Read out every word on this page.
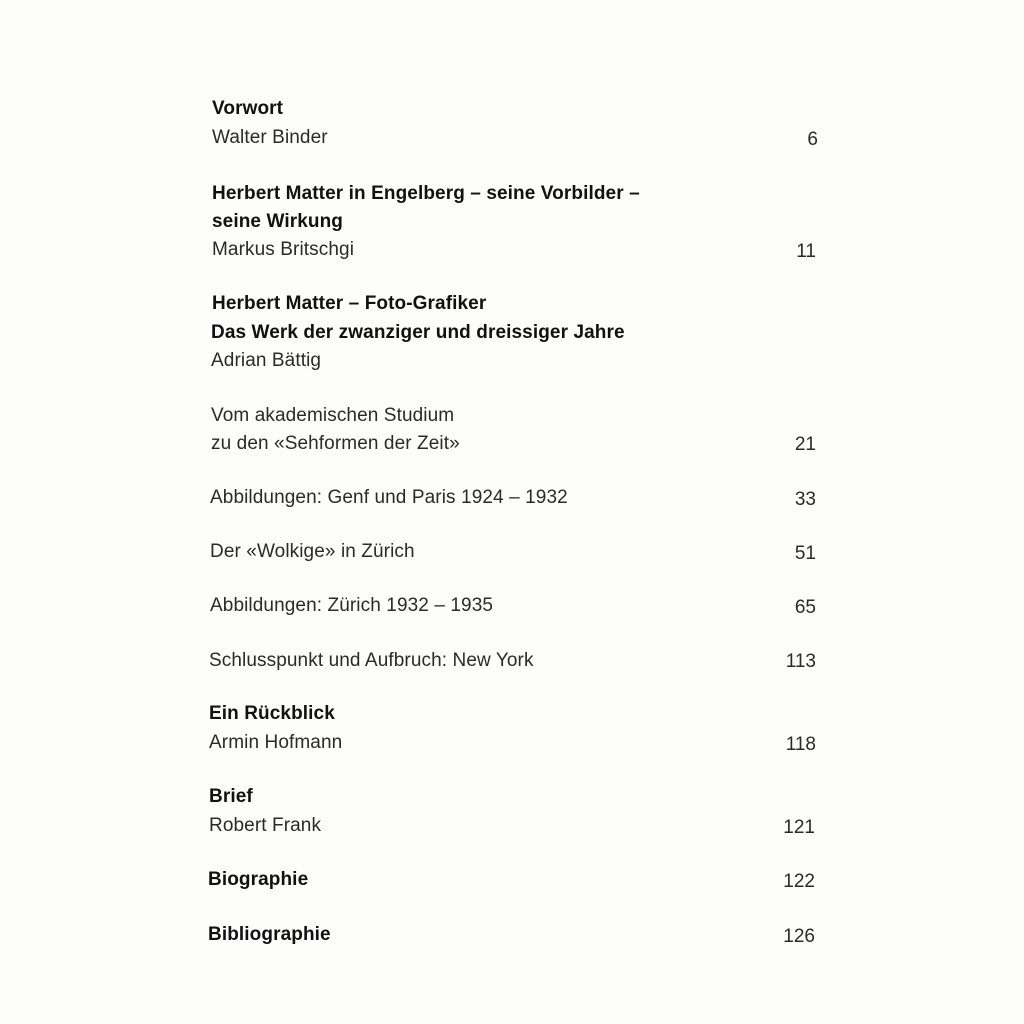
Vorwort
Walter Binder	6
Herbert Matter in Engelberg – seine Vorbilder –
seine Wirkung
Markus Britschgi	11
Herbert Matter – Foto-Grafiker
Das Werk der zwanziger und dreissiger Jahre
Adrian Bättig
Vom akademischen Studium
zu den «Sehformen der Zeit»	21
Abbildungen: Genf und Paris 1924 – 1932	33
Der «Wolkige» in Zürich	51
Abbildungen: Zürich 1932 – 1935	65
Schlusspunkt und Aufbruch: New York	113
Ein Rückblick
Armin Hofmann	118
Brief
Robert Frank	121
Biographie	122
Bibliographie	126
